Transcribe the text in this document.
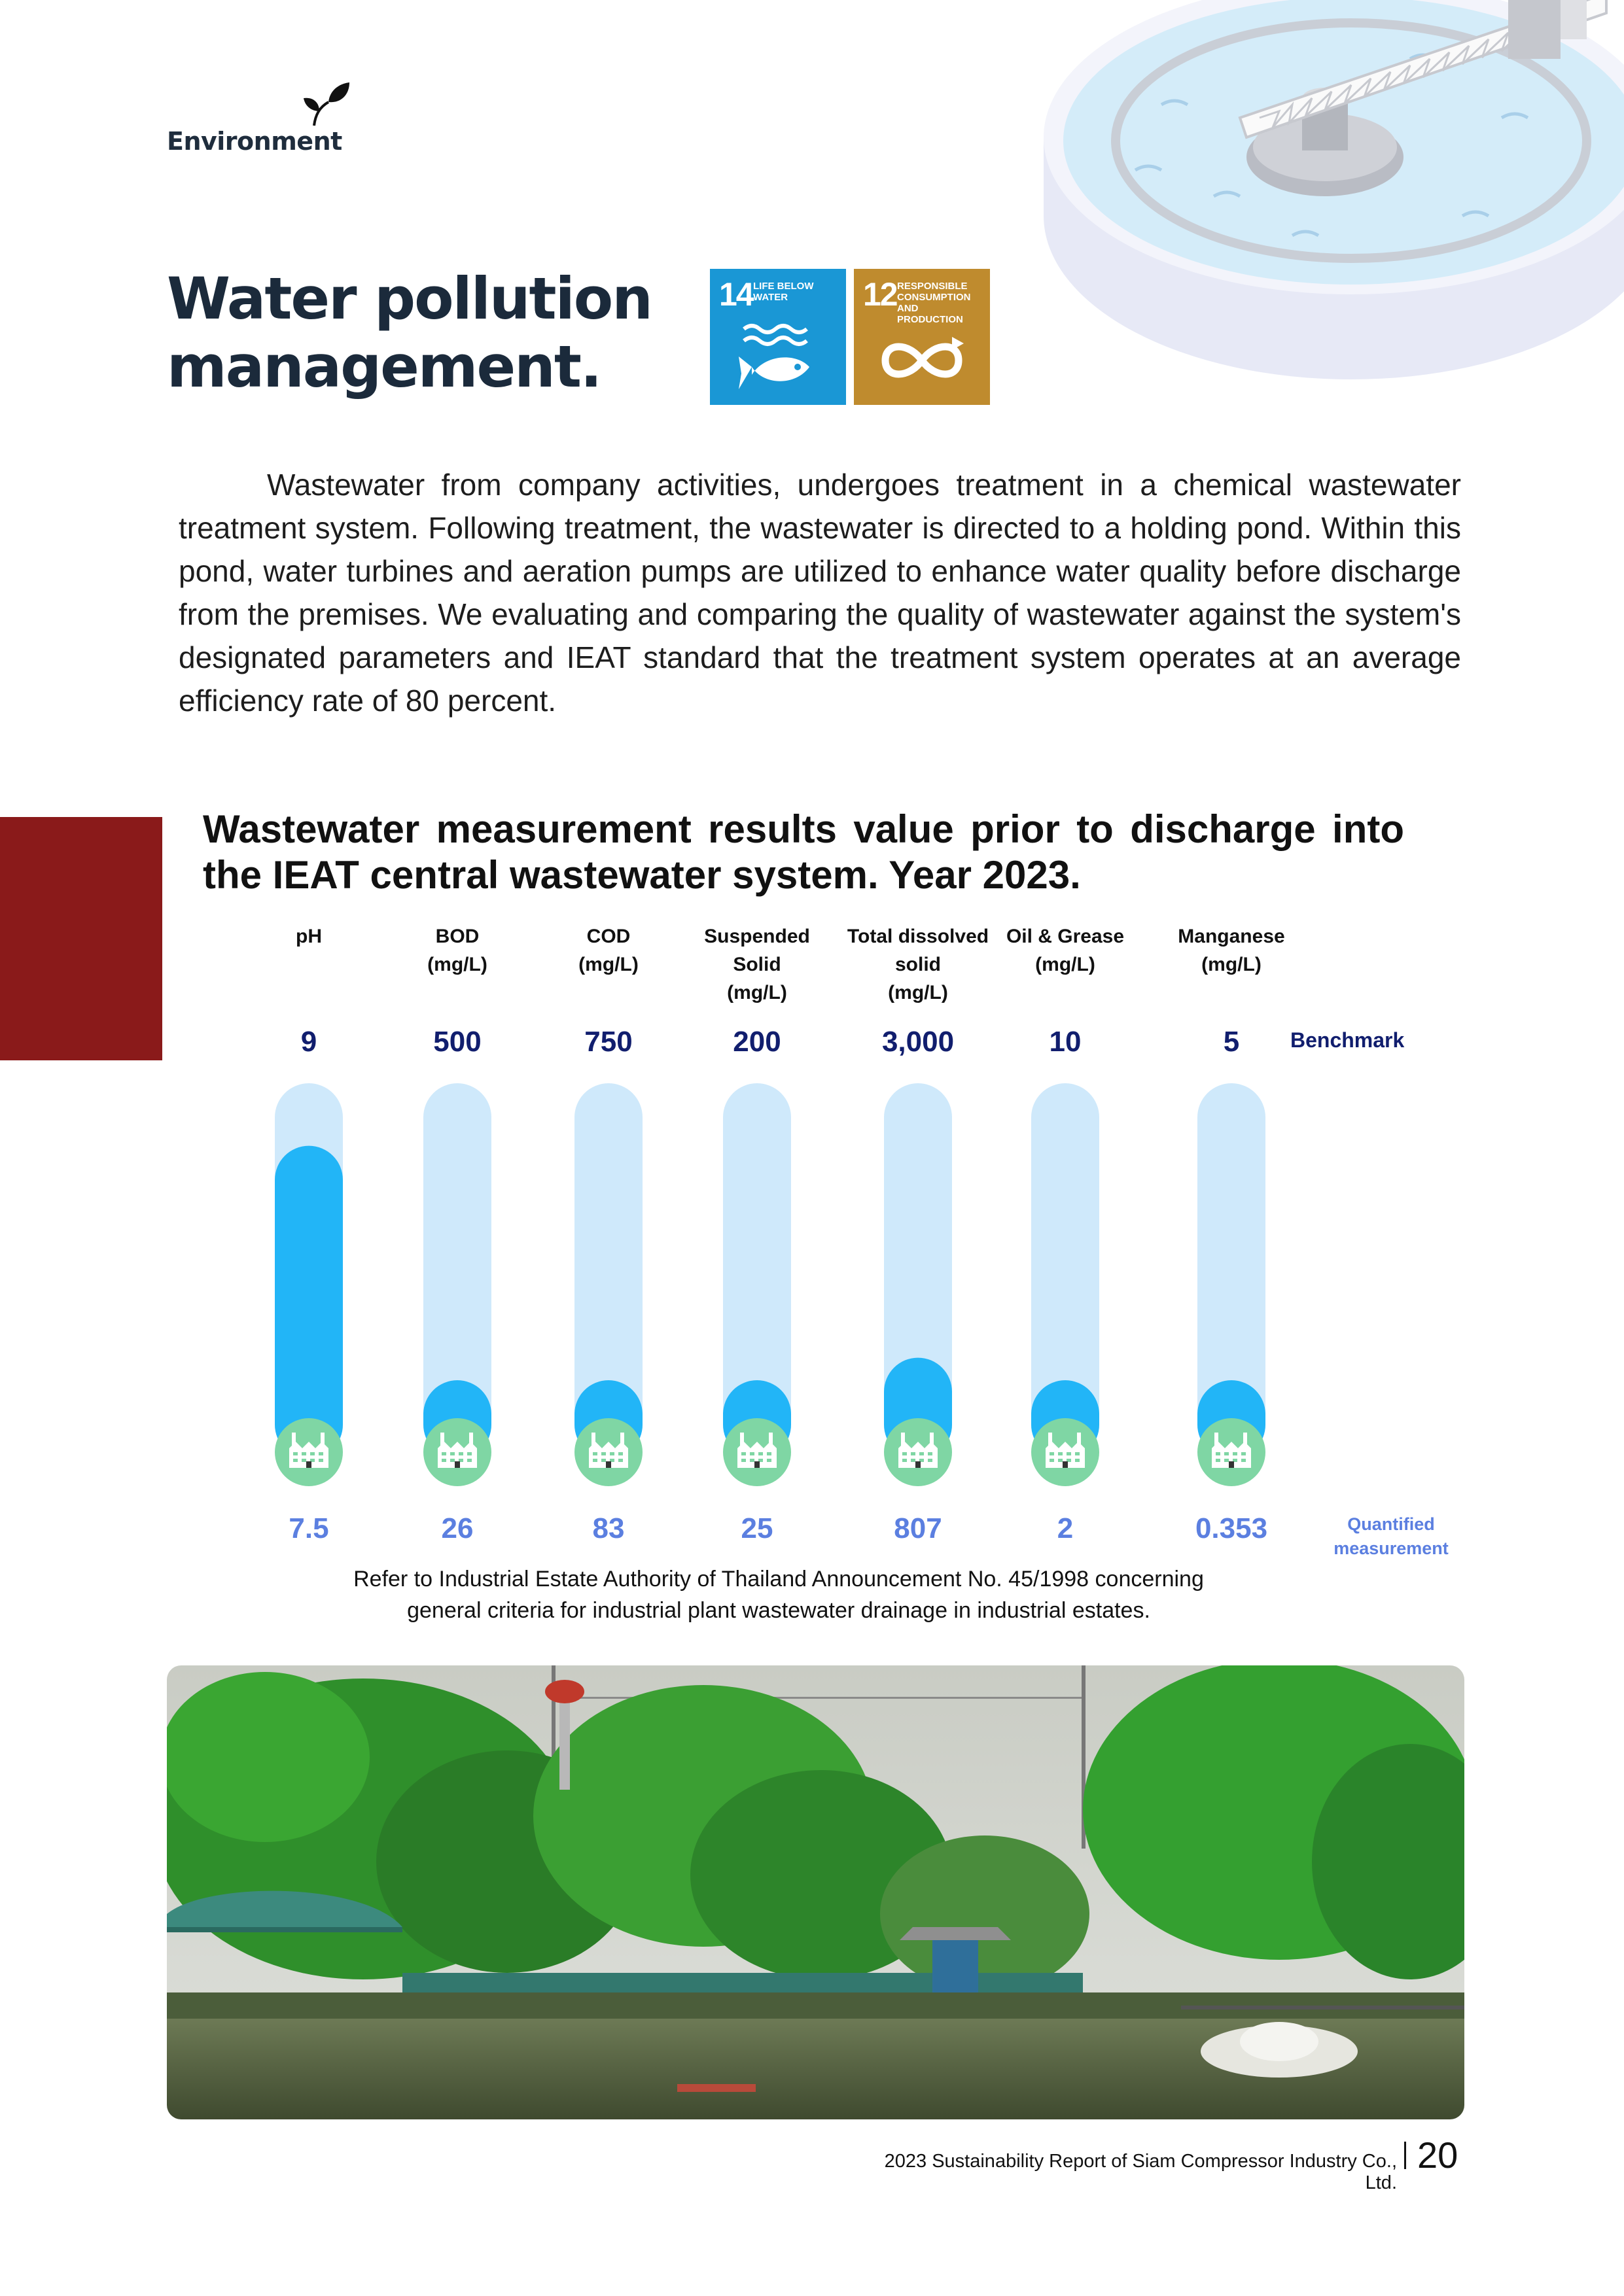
Environment
Water pollution
management.
14 LIFE BELOW WATER	12 RESPONSIBLE CONSUMPTION AND PRODUCTION
Wastewater from company activities, undergoes treatment in a chemical wastewater treatment system. Following treatment, the wastewater is directed to a holding pond. Within this pond, water turbines and aeration pumps are utilized to enhance water quality before discharge from the premises. We evaluating and comparing the quality of wastewater against the system's designated parameters and IEAT standard that the treatment system operates at an average efficiency rate of 80 percent.
Wastewater measurement results value prior to discharge into the IEAT central wastewater system. Year 2023.
pH
9
7.5
BOD
(mg/L)
500
26
COD
(mg/L)
750
83
Suspended
Solid
(mg/L)
200
25
Total dissolved
solid
(mg/L)
3,000
807
Oil & Grease
(mg/L)
10
2
Manganese
(mg/L)
5
0.353
Benchmark
Quantified
measurement
Refer to Industrial Estate Authority of Thailand Announcement No. 45/1998 concerning
general criteria for industrial plant wastewater drainage in industrial estates.
2023 Sustainability Report of Siam Compressor Industry Co., Ltd.
20
